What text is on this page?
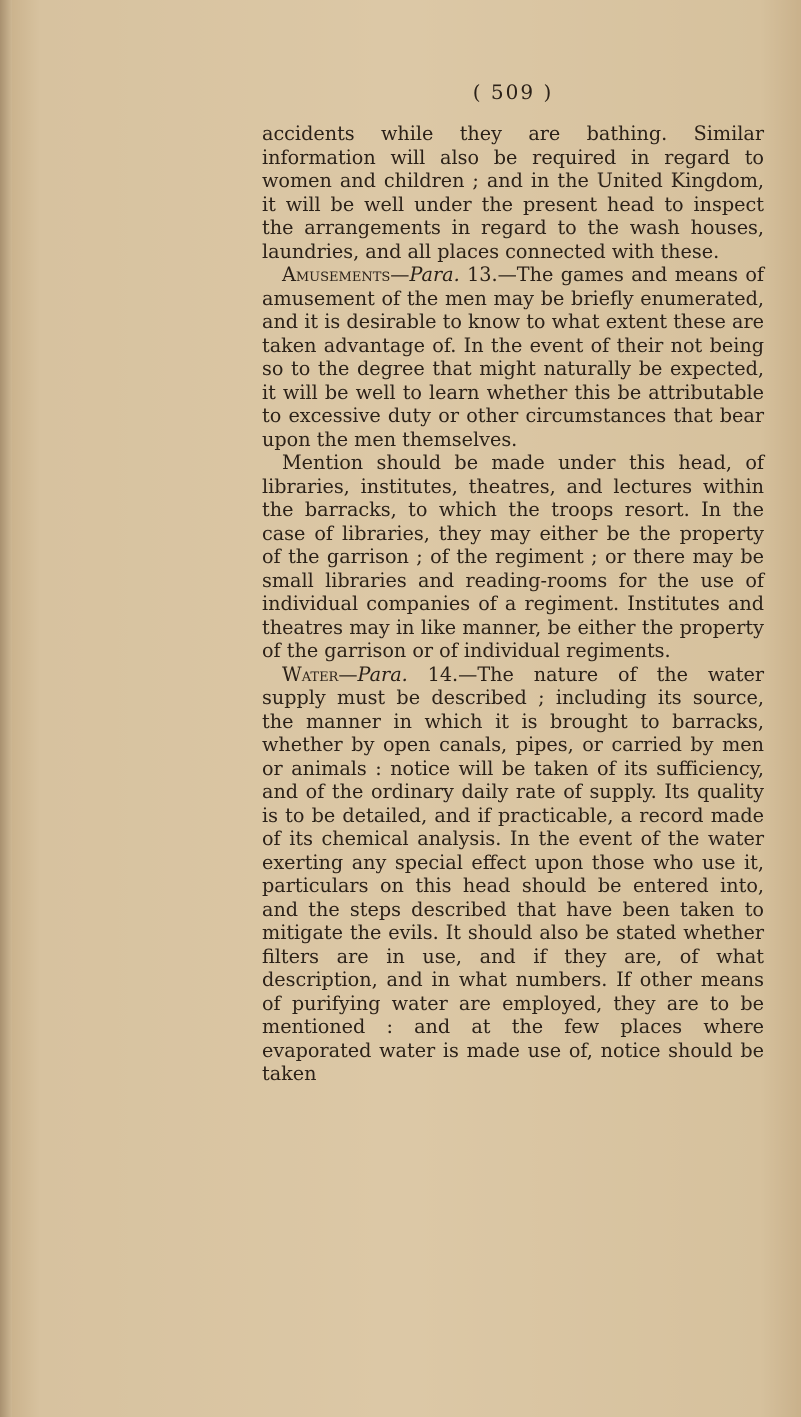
( 509 )

accidents while they are bathing. Similar information will also be required in regard to women and children ; and in the United Kingdom, it will be well under the present head to inspect the arrangements in regard to the wash houses, laundries, and all places connected with these.

Amusements—Para. 13.—The games and means of amusement of the men may be briefly enumerated, and it is desirable to know to what extent these are taken advantage of. In the event of their not being so to the degree that might naturally be expected, it will be well to learn whether this be attributable to excessive duty or other circumstances that bear upon the men themselves.

Mention should be made under this head, of libraries, institutes, theatres, and lectures within the barracks, to which the troops resort. In the case of libraries, they may either be the property of the garrison ; of the regiment ; or there may be small libraries and reading-rooms for the use of individual companies of a regiment. Institutes and theatres may in like manner, be either the property of the garrison or of individual regiments.

Water—Para. 14.—The nature of the water supply must be described ; including its source, the manner in which it is brought to barracks, whether by open canals, pipes, or carried by men or animals : notice will be taken of its sufficiency, and of the ordinary daily rate of supply. Its quality is to be detailed, and if practicable, a record made of its chemical analysis. In the event of the water exerting any special effect upon those who use it, particulars on this head should be entered into, and the steps described that have been taken to mitigate the evils. It should also be stated whether filters are in use, and if they are, of what description, and in what numbers. If other means of purifying water are employed, they are to be mentioned : and at the few places where evaporated water is made use of, notice should be taken
